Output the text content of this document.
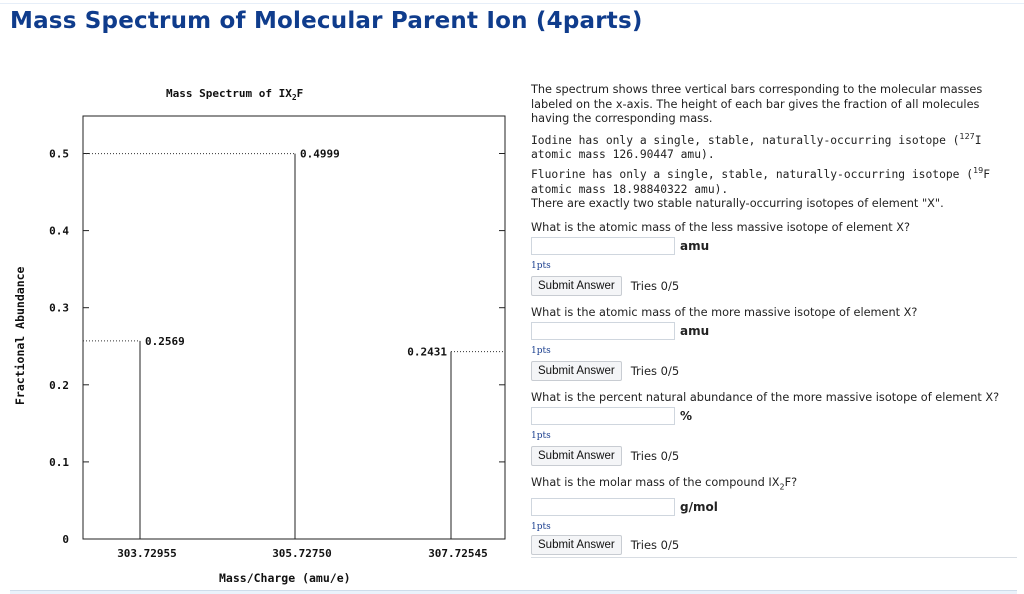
Mass Spectrum of Molecular Parent Ion (4parts)
Mass Spectrum of $IX_2F$
0
0.1
0.2
0.3
0.4
0.5
0.2569
0.4999
0.2431
303.72955	305.72750	307.72545
Mass/Charge (amu/e)
Fractional Abundance

The spectrum shows three vertical bars corresponding to the molecular masses labeled on the x-axis. The height of each bar gives the fraction of all molecules having the corresponding mass.

Iodine has only a single, stable, naturally-occurring isotope ($^{127}$I atomic mass 126.90447 amu).

Fluorine has only a single, stable, naturally-occurring isotope ($^{19}$F atomic mass 18.98840322 amu).

There are exactly two stable naturally-occurring isotopes of element "X".

What is the atomic mass of the less massive isotope of element X?
amu
1pts
Submit Answer	Tries 0/5
What is the atomic mass of the more massive isotope of element X?
amu
1pts
Submit Answer	Tries 0/5
What is the percent natural abundance of the more massive isotope of element X?
%
1pts
Submit Answer	Tries 0/5
What is the molar mass of the compound $IX_2F$?
g/mol
1pts
Submit Answer	Tries 0/5
